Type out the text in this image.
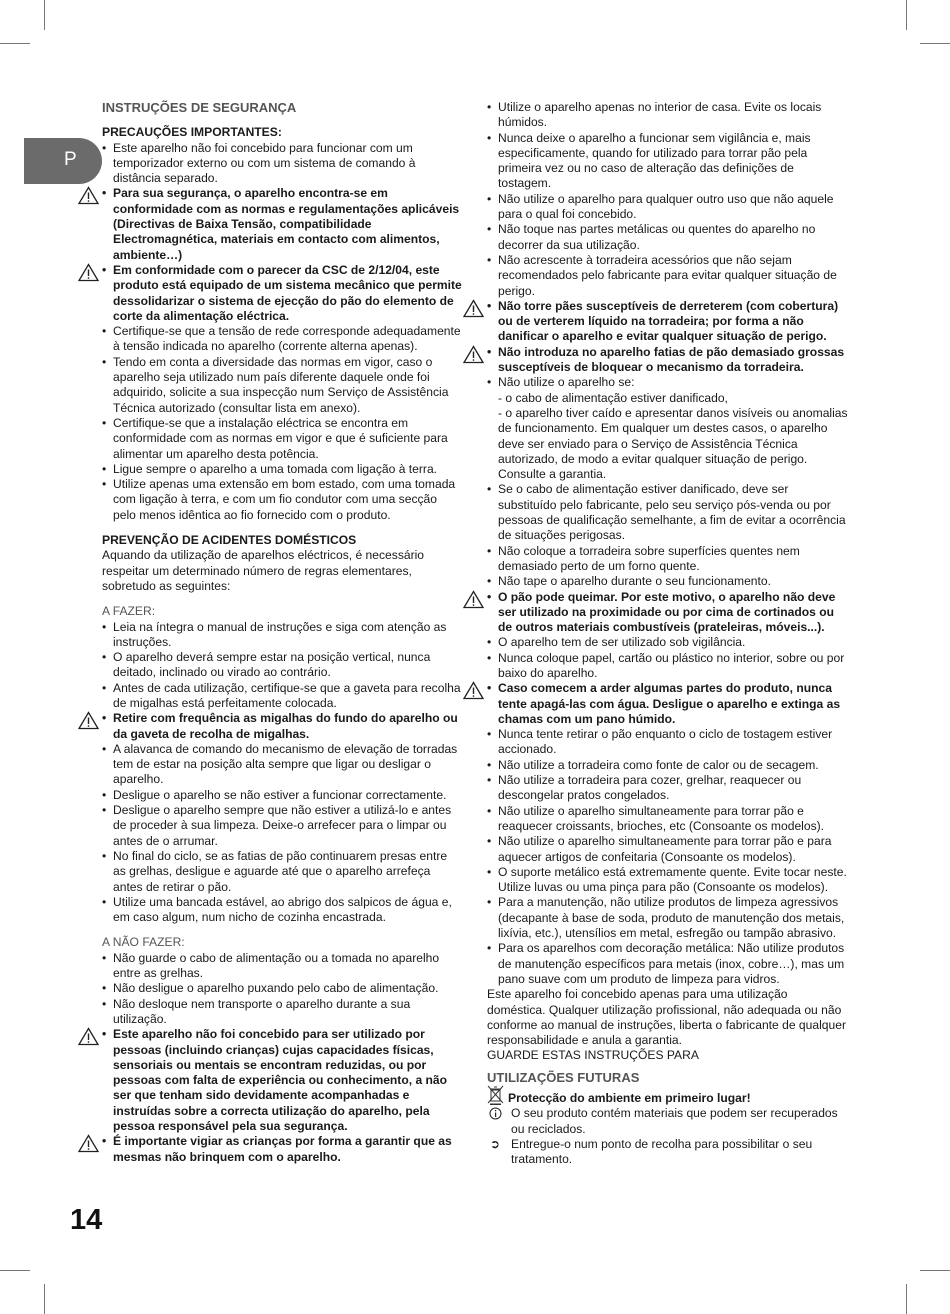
P
14

INSTRUÇÕES DE SEGURANÇA

PRECAUÇÕES IMPORTANTES:

• Este aparelho não foi concebido para funcionar com um temporizador externo ou com um sistema de comando à distância separado.
• Para sua segurança, o aparelho encontra-se em conformidade com as normas e regulamentações aplicáveis (Directivas de Baixa Tensão, compatibilidade Electromagnética, materiais em contacto com alimentos, ambiente…)
• Em conformidade com o parecer da CSC de 2/12/04, este produto está equipado de um sistema mecânico que permite dessolidarizar o sistema de ejecção do pão do elemento de corte da alimentação eléctrica.
• Certifique-se que a tensão de rede corresponde adequadamente à tensão indicada no aparelho (corrente alterna apenas).
• Tendo em conta a diversidade das normas em vigor, caso o aparelho seja utilizado num país diferente daquele onde foi adquirido, solicite a sua inspecção num Serviço de Assistência Técnica autorizado (consultar lista em anexo).
• Certifique-se que a instalação eléctrica se encontra em conformidade com as normas em vigor e que é suficiente para alimentar um aparelho desta potência.
• Ligue sempre o aparelho a uma tomada com ligação à terra.
• Utilize apenas uma extensão em bom estado, com uma tomada com ligação à terra, e com um fio condutor com uma secção pelo menos idêntica ao fio fornecido com o produto.

PREVENÇÃO DE ACIDENTES DOMÉSTICOS

Aquando da utilização de aparelhos eléctricos, é necessário respeitar um determinado número de regras elementares, sobretudo as seguintes:

A FAZER:

• Leia na íntegra o manual de instruções e siga com atenção as instruções.
• O aparelho deverá sempre estar na posição vertical, nunca deitado, inclinado ou virado ao contrário.
• Antes de cada utilização, certifique-se que a gaveta para recolha de migalhas está perfeitamente colocada.
• Retire com frequência as migalhas do fundo do aparelho ou da gaveta de recolha de migalhas.
• A alavanca de comando do mecanismo de elevação de torradas tem de estar na posição alta sempre que ligar ou desligar o aparelho.
• Desligue o aparelho se não estiver a funcionar correctamente.
• Desligue o aparelho sempre que não estiver a utilizá-lo e antes de proceder à sua limpeza. Deixe-o arrefecer para o limpar ou antes de o arrumar.
• No final do ciclo, se as fatias de pão continuarem presas entre as grelhas, desligue e aguarde até que o aparelho arrefeça antes de retirar o pão.
• Utilize uma bancada estável, ao abrigo dos salpicos de água e, em caso algum, num nicho de cozinha encastrada.

A NÃO FAZER:

• Não guarde o cabo de alimentação ou a tomada no aparelho entre as grelhas.
• Não desligue o aparelho puxando pelo cabo de alimentação.
• Não desloque nem transporte o aparelho durante a sua utilização.
• Este aparelho não foi concebido para ser utilizado por pessoas (incluindo crianças) cujas capacidades físicas, sensoriais ou mentais se encontram reduzidas, ou por pessoas com falta de experiência ou conhecimento, a não ser que tenham sido devidamente acompanhadas e instruídas sobre a correcta utilização do aparelho, pela pessoa responsável pela sua segurança.
• É importante vigiar as crianças por forma a garantir que as mesmas não brinquem com o aparelho.
• Utilize o aparelho apenas no interior de casa. Evite os locais húmidos.
• Nunca deixe o aparelho a funcionar sem vigilância e, mais especificamente, quando for utilizado para torrar pão pela primeira vez ou no caso de alteração das definições de tostagem.
• Não utilize o aparelho para qualquer outro uso que não aquele para o qual foi concebido.
• Não toque nas partes metálicas ou quentes do aparelho no decorrer da sua utilização.
• Não acrescente à torradeira acessórios que não sejam recomendados pelo fabricante para evitar qualquer situação de perigo.
• Não torre pães susceptíveis de derreterem (com cobertura) ou de verterem líquido na torradeira; por forma a não danificar o aparelho e evitar qualquer situação de perigo.
• Não introduza no aparelho fatias de pão demasiado grossas susceptíveis de bloquear o mecanismo da torradeira.
• Não utilize o aparelho se:
- o cabo de alimentação estiver danificado,
- o aparelho tiver caído e apresentar danos visíveis ou anomalias de funcionamento. Em qualquer um destes casos, o aparelho deve ser enviado para o Serviço de Assistência Técnica autorizado, de modo a evitar qualquer situação de perigo. Consulte a garantia.
• Se o cabo de alimentação estiver danificado, deve ser substituído pelo fabricante, pelo seu serviço pós-venda ou por pessoas de qualificação semelhante, a fim de evitar a ocorrência de situações perigosas.
• Não coloque a torradeira sobre superfícies quentes nem demasiado perto de um forno quente.
• Não tape o aparelho durante o seu funcionamento.
• O pão pode queimar. Por este motivo, o aparelho não deve ser utilizado na proximidade ou por cima de cortinados ou de outros materiais combustíveis (prateleiras, móveis...).
• O aparelho tem de ser utilizado sob vigilância.
• Nunca coloque papel, cartão ou plástico no interior, sobre ou por baixo do aparelho.
• Caso comecem a arder algumas partes do produto, nunca tente apagá-las com água. Desligue o aparelho e extinga as chamas com um pano húmido.
• Nunca tente retirar o pão enquanto o ciclo de tostagem estiver accionado.
• Não utilize a torradeira como fonte de calor ou de secagem.
• Não utilize a torradeira para cozer, grelhar, reaquecer ou descongelar pratos congelados.
• Não utilize o aparelho simultaneamente para torrar pão e reaquecer croissants, brioches, etc (Consoante os modelos).
• Não utilize o aparelho simultaneamente para torrar pão e para aquecer artigos de confeitaria (Consoante os modelos).
• O suporte metálico está extremamente quente. Evite tocar neste. Utilize luvas ou uma pinça para pão (Consoante os modelos).
• Para a manutenção, não utilize produtos de limpeza agressivos (decapante à base de soda, produto de manutenção dos metais, lixívia, etc.), utensílios em metal, esfregão ou tampão abrasivo.
• Para os aparelhos com decoração metálica: Não utilize produtos de manutenção específicos para metais (inox, cobre…), mas um pano suave com um produto de limpeza para vidros.

Este aparelho foi concebido apenas para uma utilização doméstica. Qualquer utilização profissional, não adequada ou não conforme ao manual de instruções, liberta o fabricante de qualquer responsabilidade e anula a garantia.

GUARDE ESTAS INSTRUÇÕES PARA

UTILIZAÇÕES FUTURAS

Protecção do ambiente em primeiro lugar!
O seu produto contém materiais que podem ser recuperados ou reciclados.
➲ Entregue-o num ponto de recolha para possibilitar o seu tratamento.
